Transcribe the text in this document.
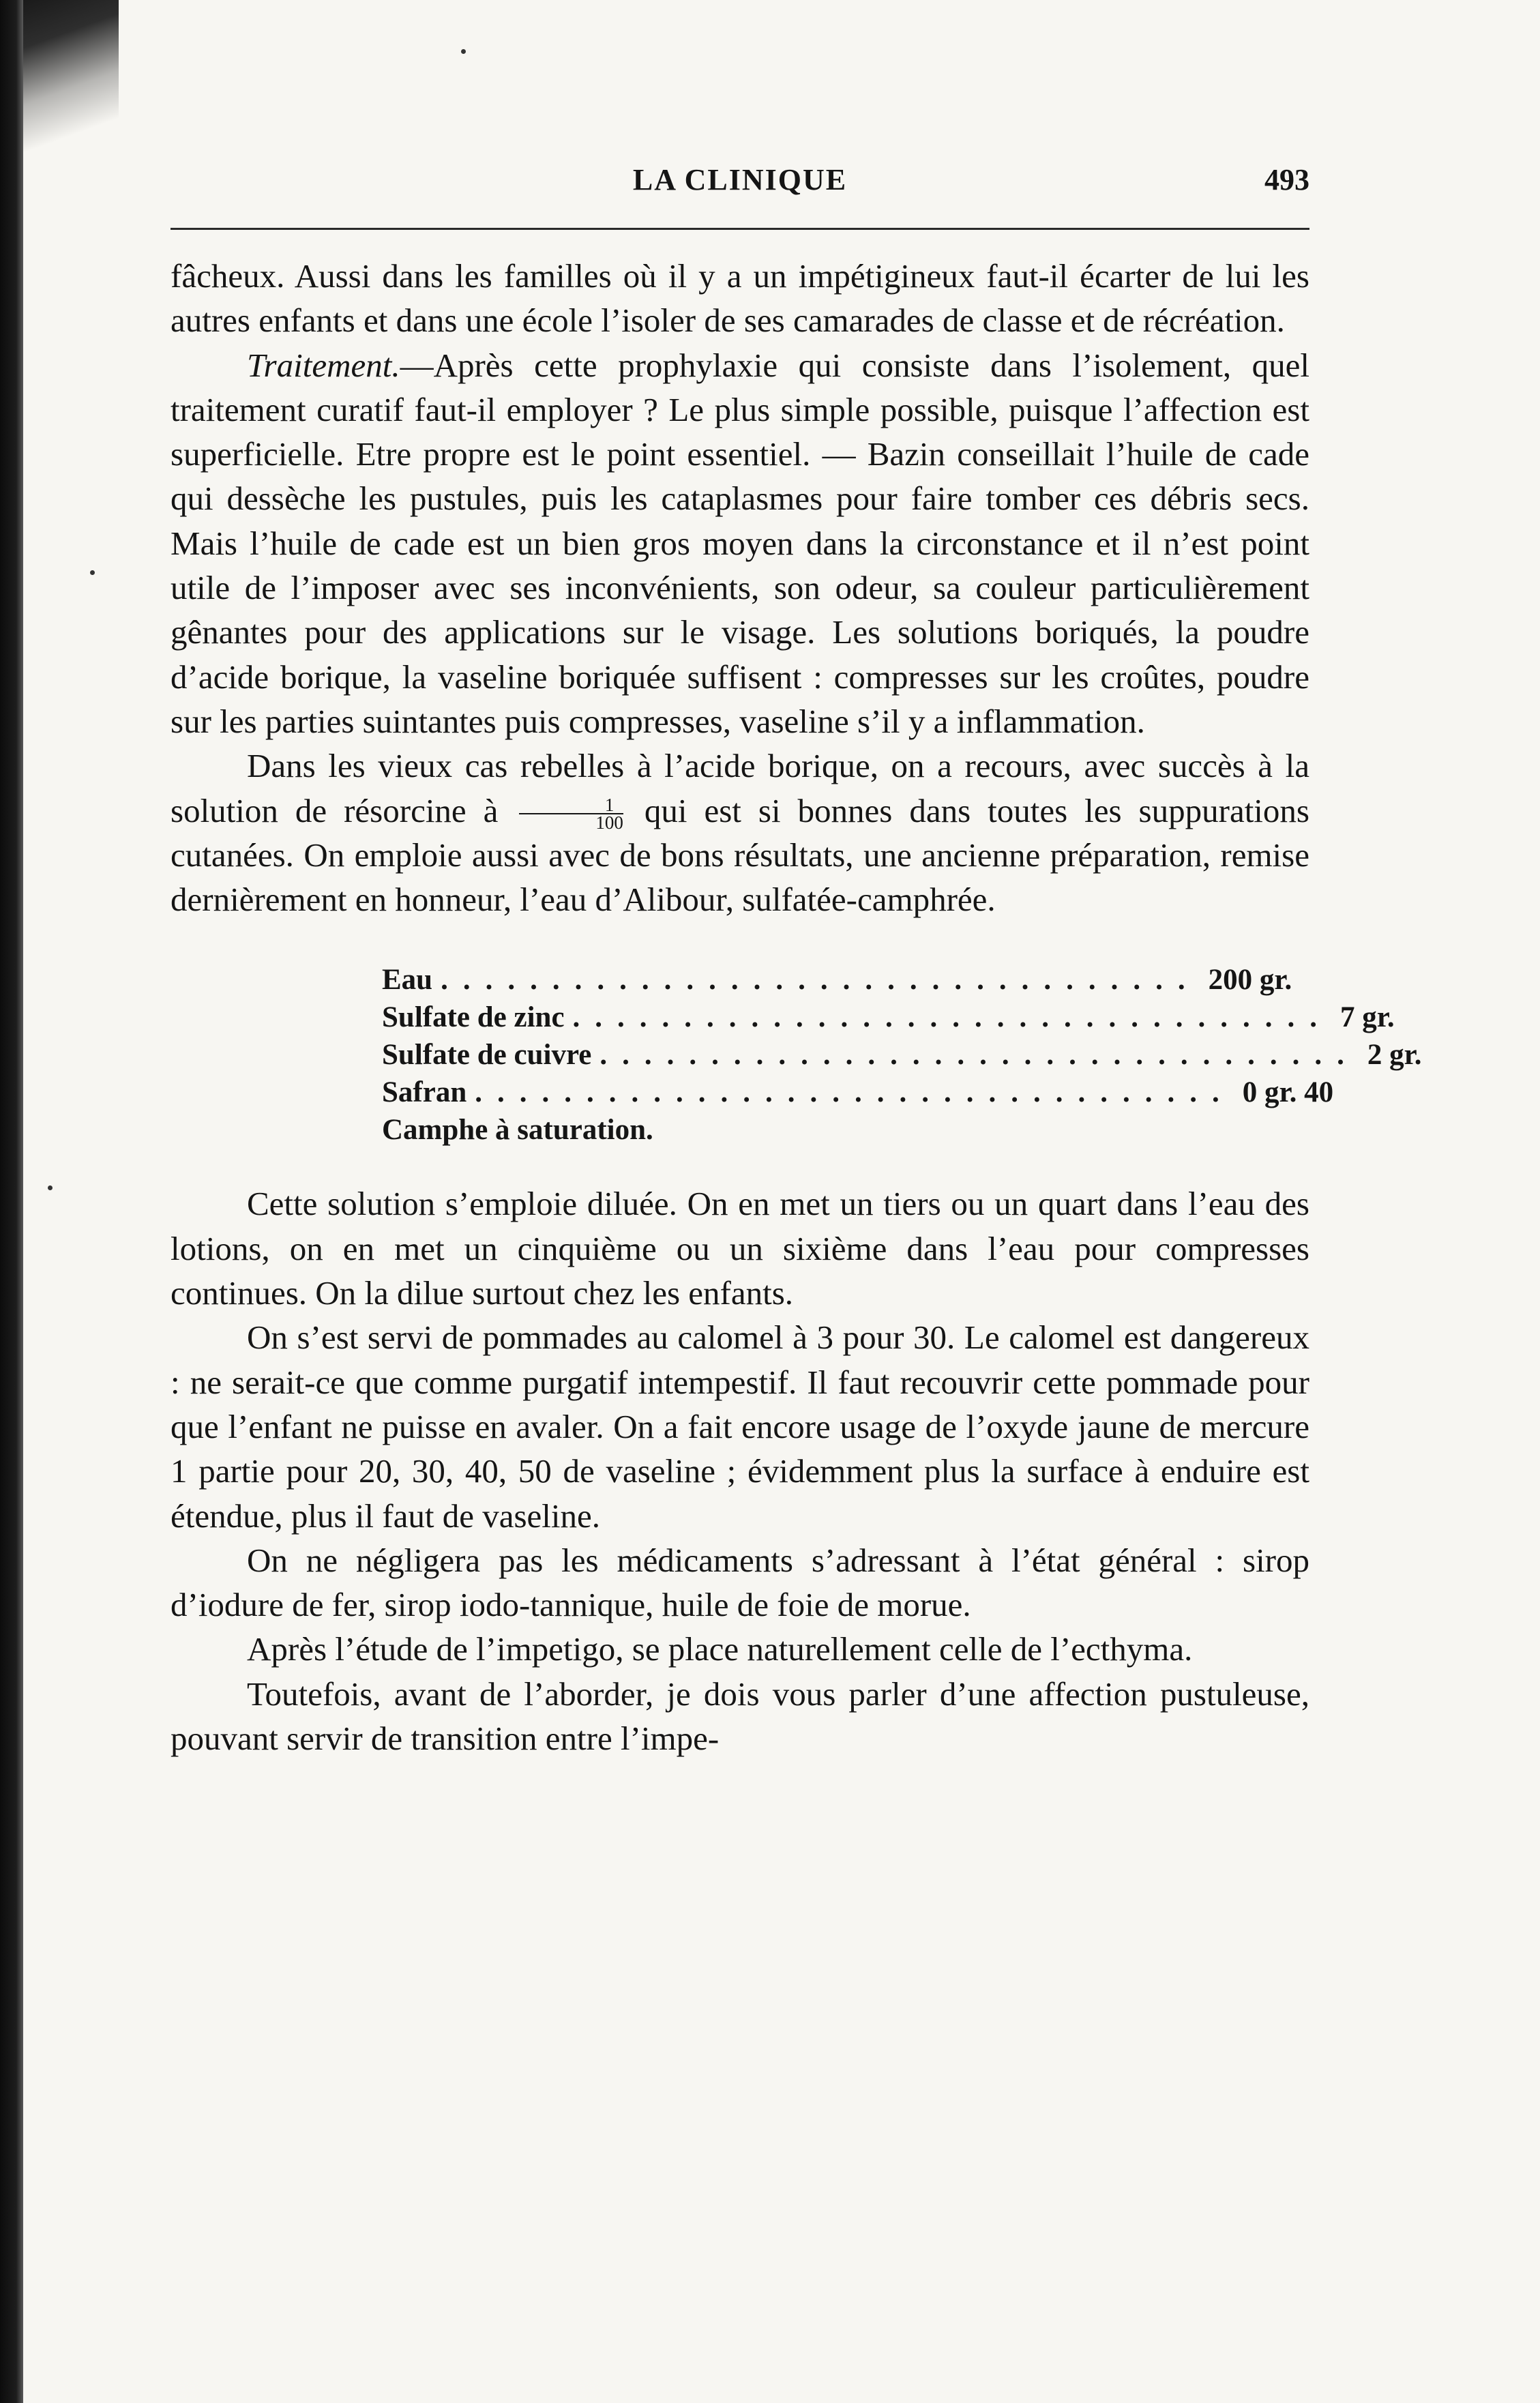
LA CLINIQUE	493

fâcheux. Aussi dans les familles où il y a un impétigineux faut-il écarter de lui les autres enfants et dans une école l’isoler de ses camarades de classe et de récréation.

Traitement.—Après cette prophylaxie qui consiste dans l’isolement, quel traitement curatif faut-il employer ? Le plus simple possible, puisque l’affection est superficielle. Etre propre est le point essentiel. — Bazin conseillait l’huile de cade qui dessèche les pustules, puis les cataplasmes pour faire tomber ces débris secs. Mais l’huile de cade est un bien gros moyen dans la circonstance et il n’est point utile de l’imposer avec ses inconvénients, son odeur, sa couleur particulièrement gênantes pour des applications sur le visage. Les solutions boriqués, la poudre d’acide borique, la vaseline boriquée suffisent : compresses sur les croûtes, poudre sur les parties suintantes puis compresses, vaseline s’il y a inflammation.

Dans les vieux cas rebelles à l’acide borique, on a recours, avec succès à la solution de résorcine à $\frac{1}{100}$ qui est si bonnes dans toutes les suppurations cutanées. On emploie aussi avec de bons résultats, une ancienne préparation, remise dernièrement en honneur, l’eau d’Alibour, sulfatée-camphrée.

Eau .................................. 200 gr.
Sulfate de zinc .................................. 7 gr.
Sulfate de cuivre .................................. 2 gr.
Safran .................................. 0 gr. 40
Camphe à saturation.

Cette solution s’emploie diluée. On en met un tiers ou un quart dans l’eau des lotions, on en met un cinquième ou un sixième dans l’eau pour compresses continues. On la dilue surtout chez les enfants.

On s’est servi de pommades au calomel à 3 pour 30. Le calomel est dangereux : ne serait-ce que comme purgatif intempestif. Il faut recouvrir cette pommade pour que l’enfant ne puisse en avaler. On a fait encore usage de l’oxyde jaune de mercure 1 partie pour 20, 30, 40, 50 de vaseline ; évidemment plus la surface à enduire est étendue, plus il faut de vaseline.

On ne négligera pas les médicaments s’adressant à l’état général : sirop d’iodure de fer, sirop iodo-tannique, huile de foie de morue.

Après l’étude de l’impetigo, se place naturellement celle de l’ecthyma.

Toutefois, avant de l’aborder, je dois vous parler d’une affection pustuleuse, pouvant servir de transition entre l’impe-
